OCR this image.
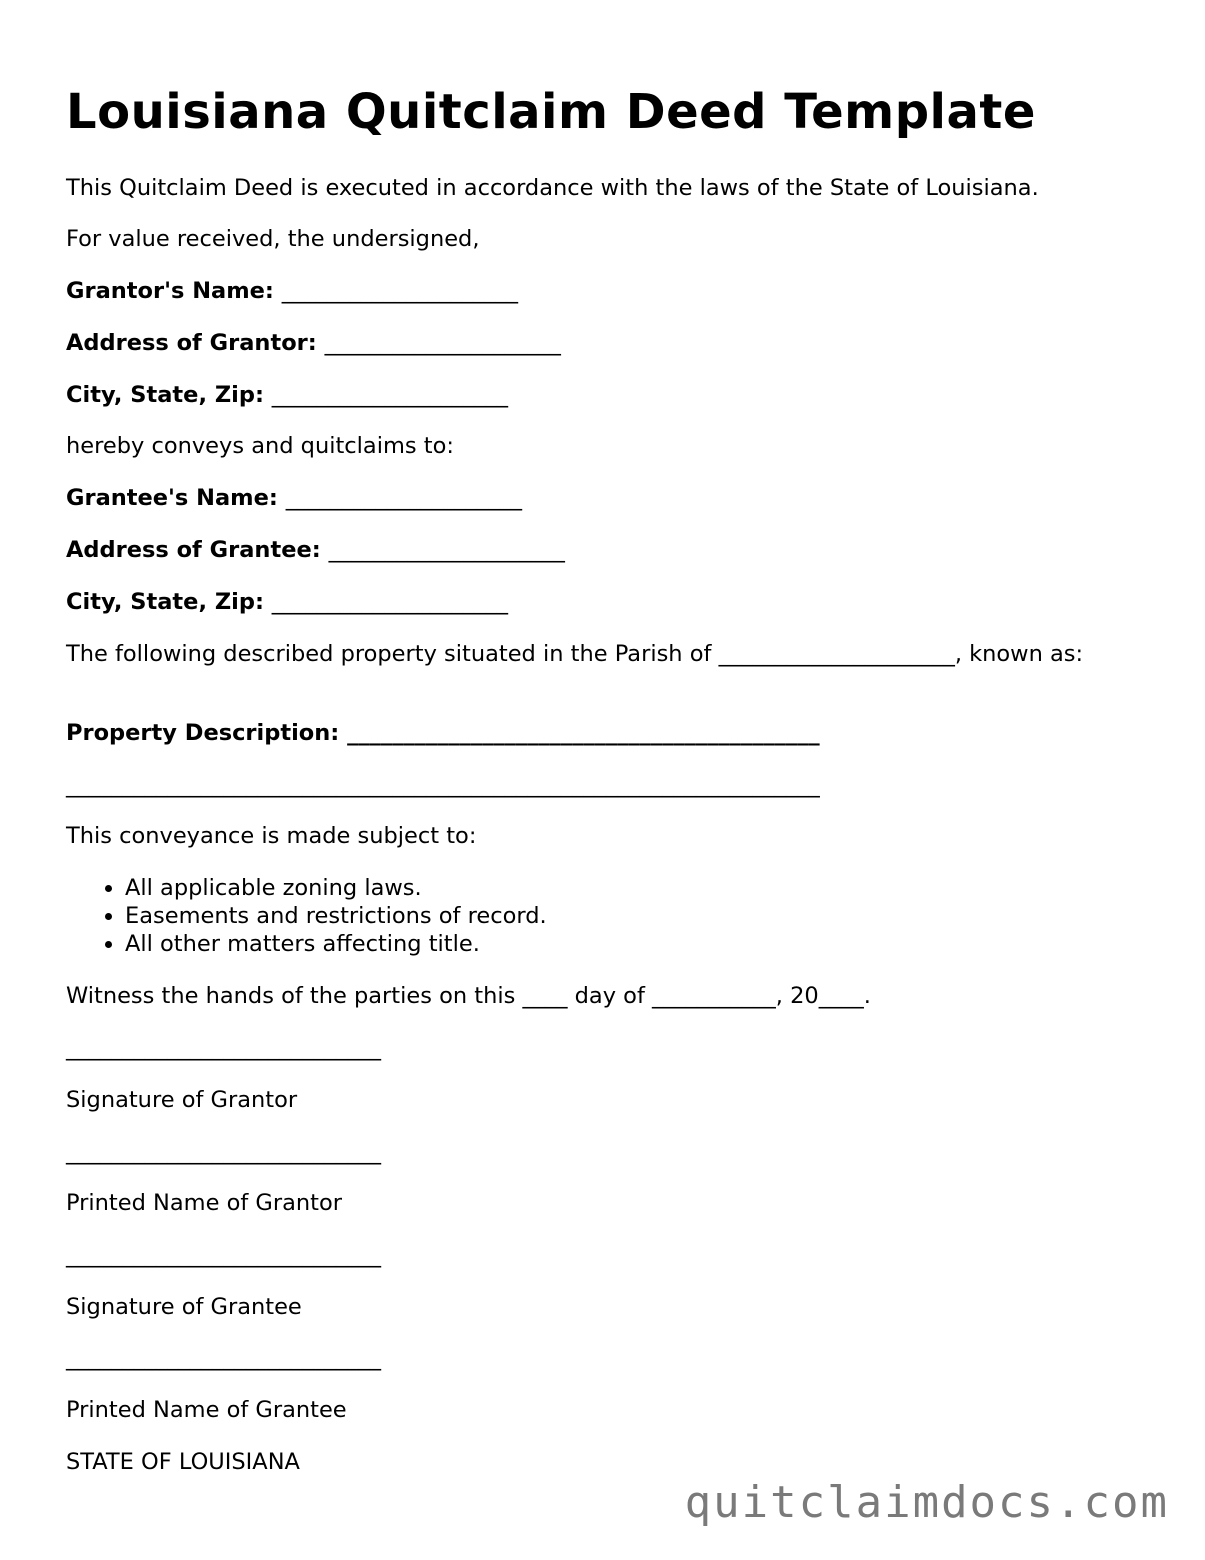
Louisiana Quitclaim Deed Template

This Quitclaim Deed is executed in accordance with the laws of the State of Louisiana.

For value received, the undersigned,

Grantor's Name: _____________________

Address of Grantor: _____________________

City, State, Zip: _____________________

hereby conveys and quitclaims to:

Grantee's Name: _____________________

Address of Grantee: _____________________

City, State, Zip: _____________________

The following described property situated in the Parish of _____________________, known as:

Property Description: __________________________________________

___________________________________________________________________

This conveyance is made subject to:

• All applicable zoning laws.
• Easements and restrictions of record.
• All other matters affecting title.

Witness the hands of the parties on this ____ day of ___________, 20____.

____________________________

Signature of Grantor

____________________________

Printed Name of Grantor

____________________________

Signature of Grantee

____________________________

Printed Name of Grantee

STATE OF LOUISIANA

quitclaimdocs.com
